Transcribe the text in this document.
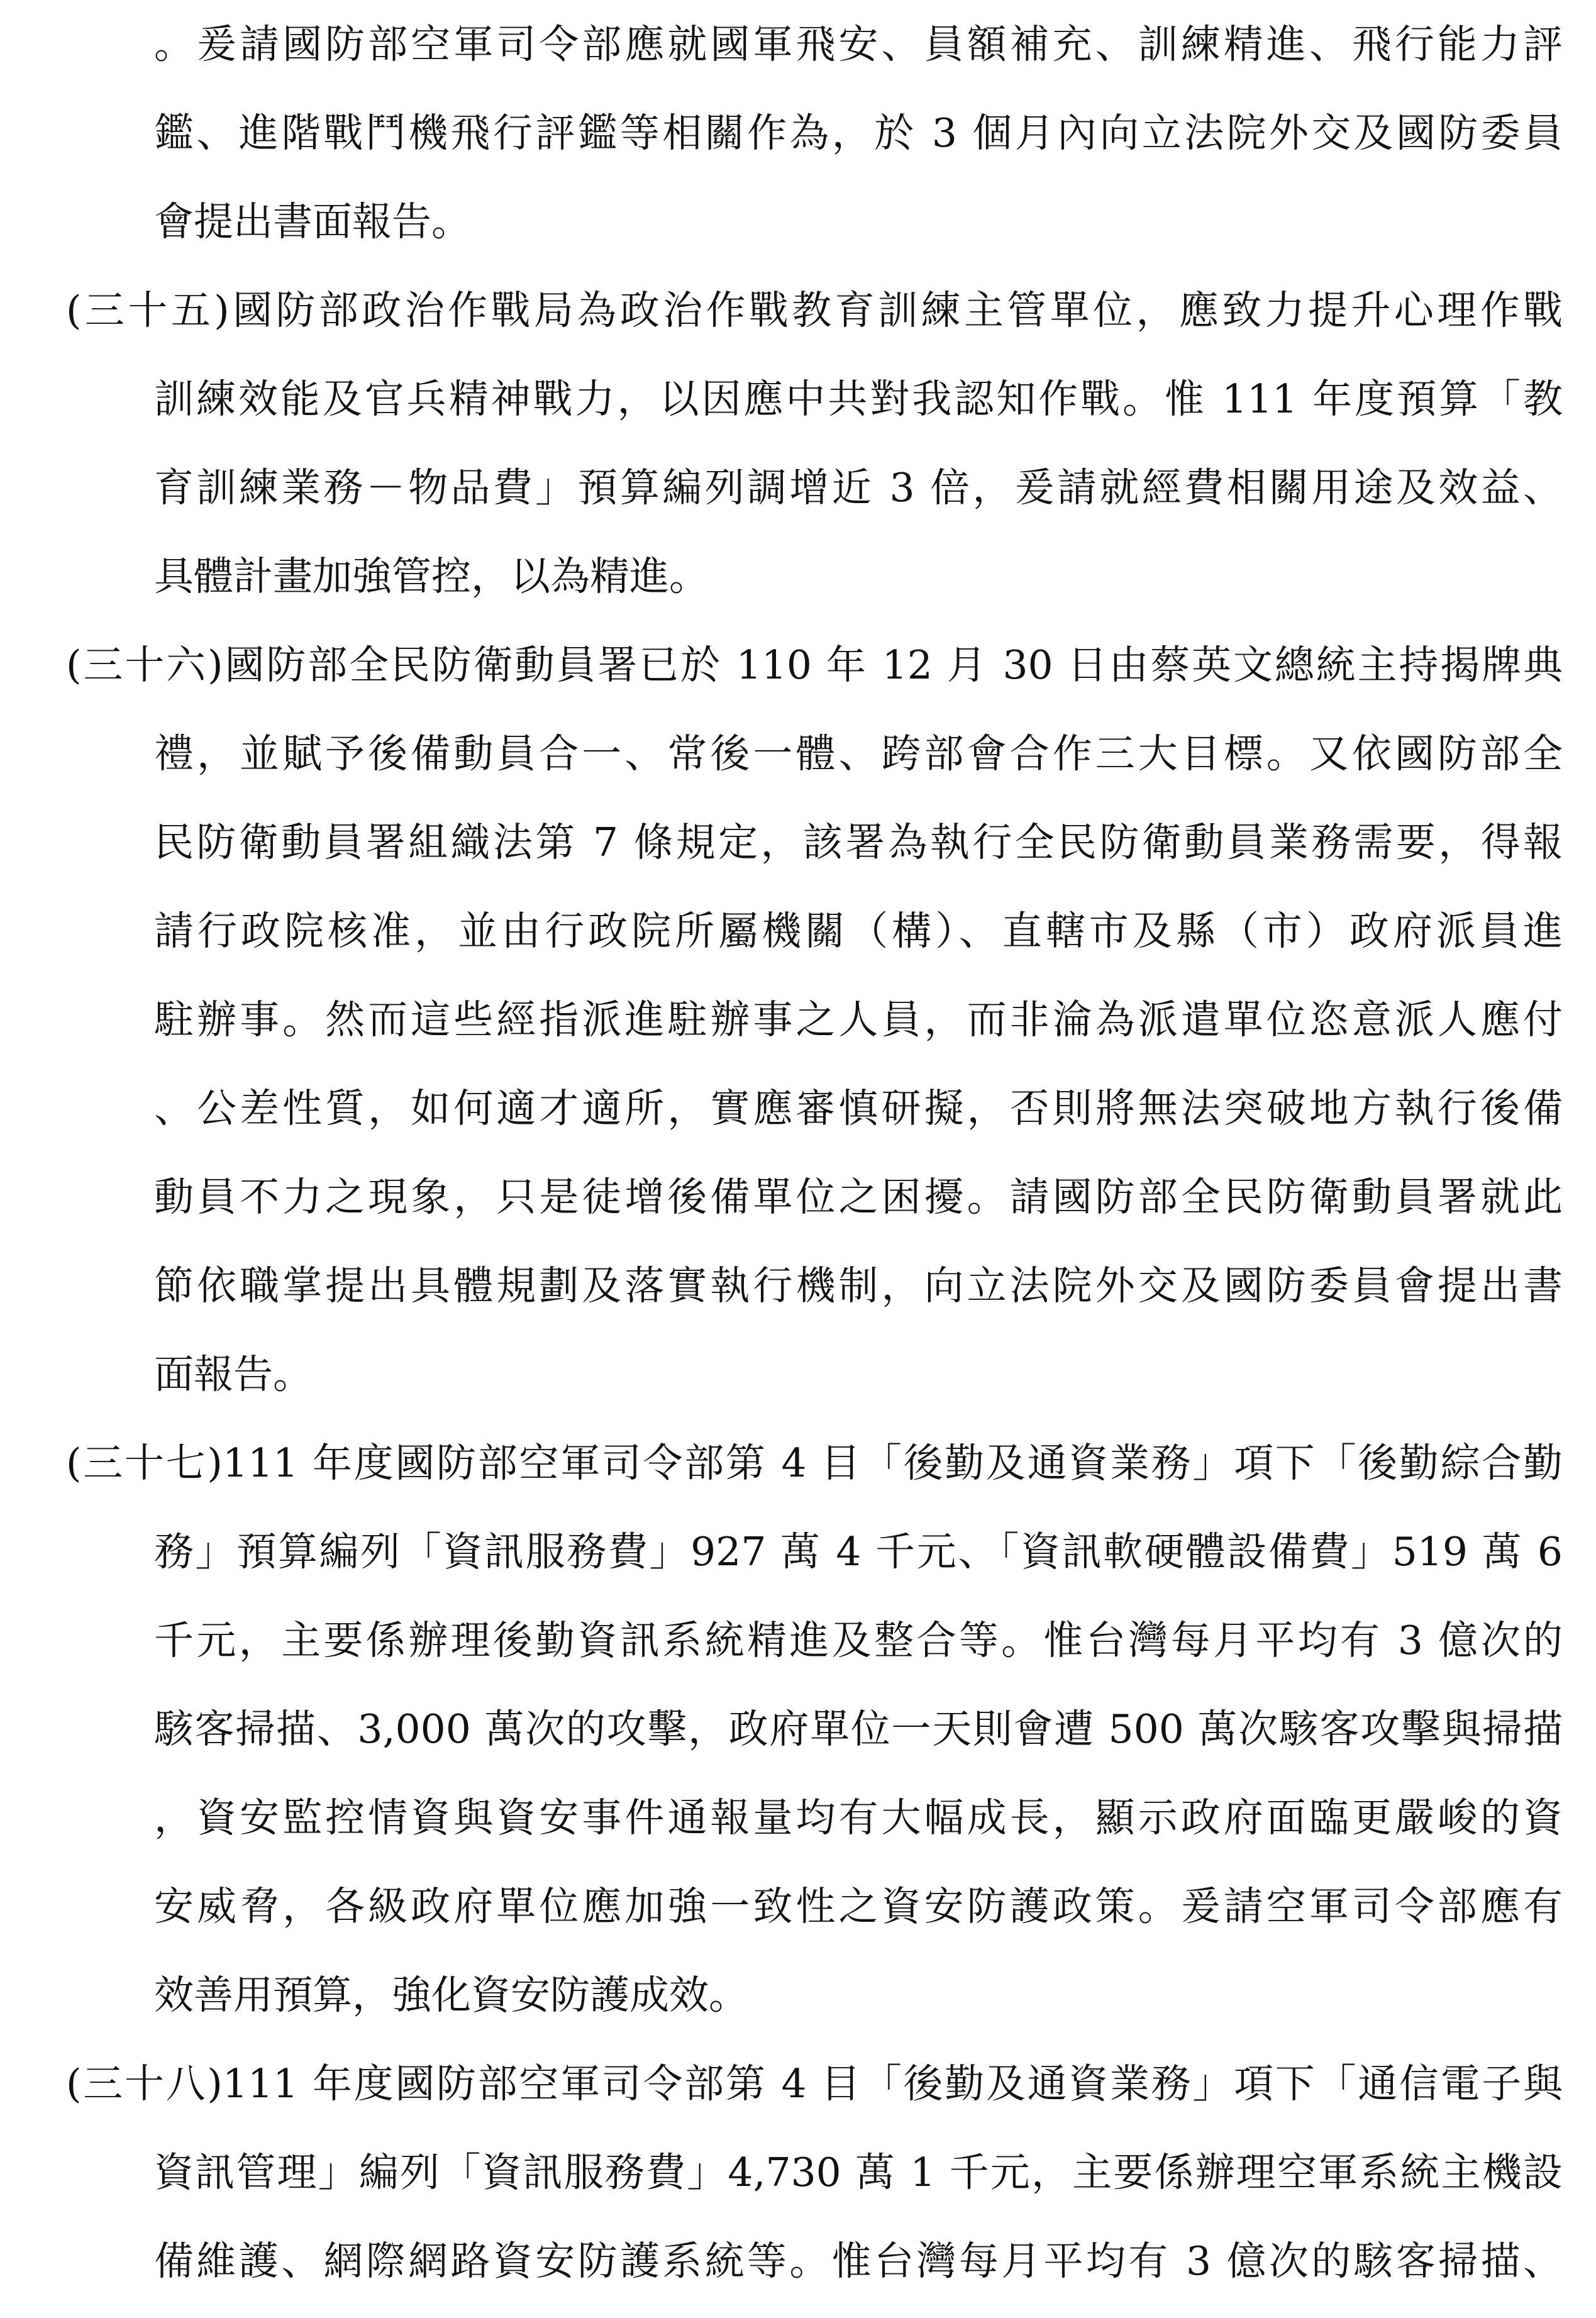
。爰請國防部空軍司令部應就國軍飛安、員額補充、訓練精進、飛行能力評
鑑、進階戰鬥機飛行評鑑等相關作為，於 3 個月內向立法院外交及國防委員
會提出書面報告。
(三十五)國防部政治作戰局為政治作戰教育訓練主管單位，應致力提升心理作戰
訓練效能及官兵精神戰力，以因應中共對我認知作戰。惟 111 年度預算「教
育訓練業務－物品費」預算編列調增近 3 倍，爰請就經費相關用途及效益、
具體計畫加強管控，以為精進。
(三十六)國防部全民防衛動員署已於 110 年 12 月 30 日由蔡英文總統主持揭牌典
禮，並賦予後備動員合一、常後一體、跨部會合作三大目標。又依國防部全
民防衛動員署組織法第 7 條規定，該署為執行全民防衛動員業務需要，得報
請行政院核准，並由行政院所屬機關（構）、直轄市及縣（市）政府派員進
駐辦事。然而這些經指派進駐辦事之人員，而非淪為派遣單位恣意派人應付
、公差性質，如何適才適所，實應審慎研擬，否則將無法突破地方執行後備
動員不力之現象，只是徒增後備單位之困擾。請國防部全民防衛動員署就此
節依職掌提出具體規劃及落實執行機制，向立法院外交及國防委員會提出書
面報告。
(三十七)111 年度國防部空軍司令部第 4 目「後勤及通資業務」項下「後勤綜合勤
務」預算編列「資訊服務費」927 萬 4 千元、「資訊軟硬體設備費」519 萬 6
千元，主要係辦理後勤資訊系統精進及整合等。惟台灣每月平均有 3 億次的
駭客掃描、3,000 萬次的攻擊，政府單位一天則會遭 500 萬次駭客攻擊與掃描
，資安監控情資與資安事件通報量均有大幅成長，顯示政府面臨更嚴峻的資
安威脅，各級政府單位應加強一致性之資安防護政策。爰請空軍司令部應有
效善用預算，強化資安防護成效。
(三十八)111 年度國防部空軍司令部第 4 目「後勤及通資業務」項下「通信電子與
資訊管理」編列「資訊服務費」4,730 萬 1 千元，主要係辦理空軍系統主機設
備維護、網際網路資安防護系統等。惟台灣每月平均有 3 億次的駭客掃描、
